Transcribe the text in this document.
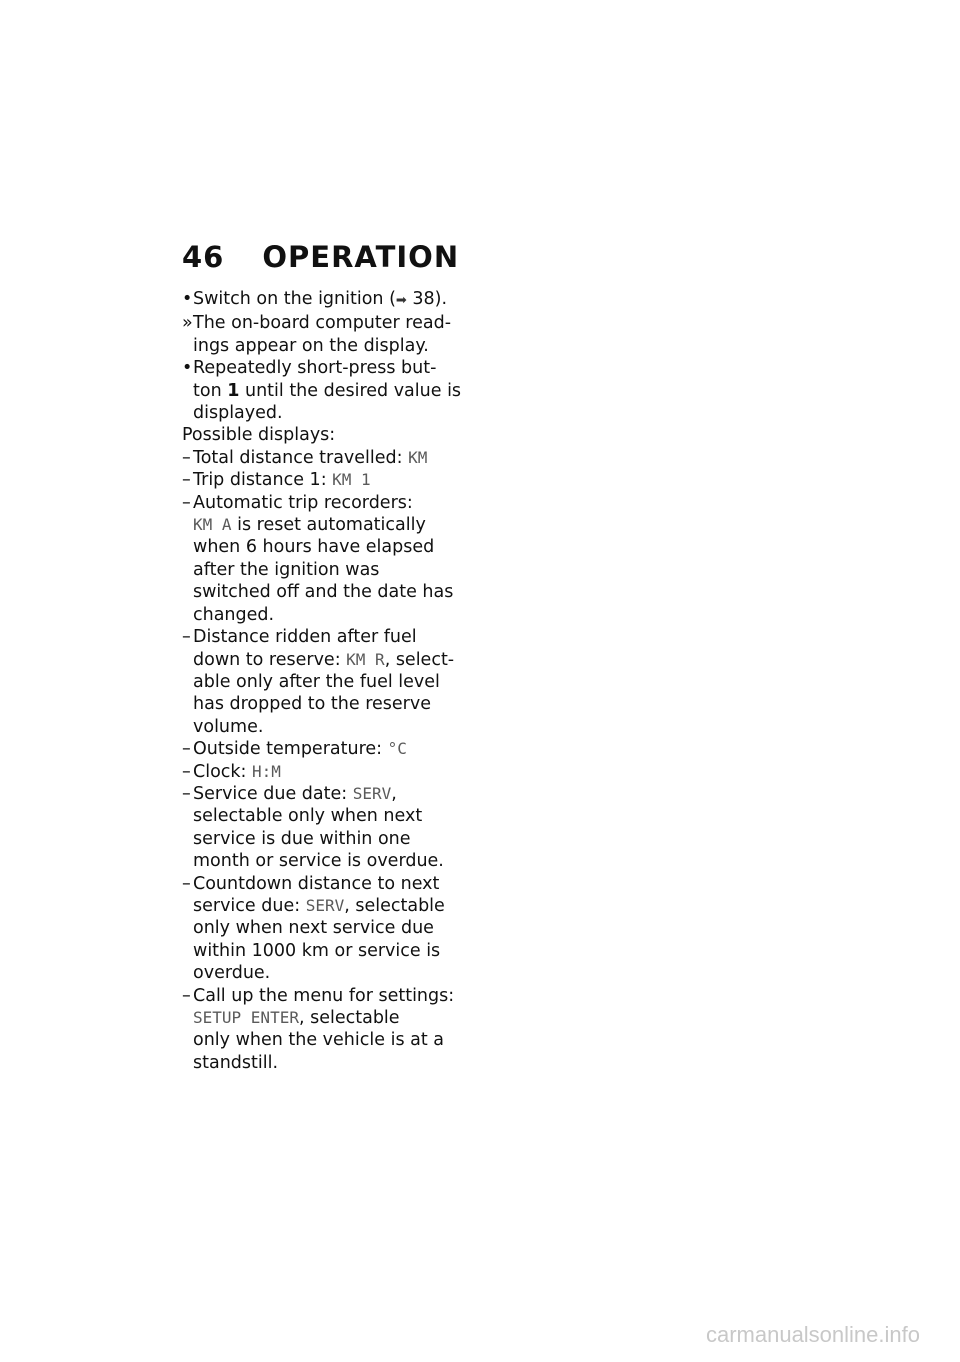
46 OPERATION
• Switch on the ignition (➡ 38).
» The on-board computer read-
ings appear on the display.
• Repeatedly short-press but-
ton 1 until the desired value is
displayed.
Possible displays:
– Total distance travelled: KM
– Trip distance 1: KM 1
– Automatic trip recorders:
KM A is reset automatically
when 6 hours have elapsed
after the ignition was
switched off and the date has
changed.
– Distance ridden after fuel
down to reserve: KM R, select-
able only after the fuel level
has dropped to the reserve
volume.
– Outside temperature: °C
– Clock: H:M
– Service due date: SERV,
selectable only when next
service is due within one
month or service is overdue.
– Countdown distance to next
service due: SERV, selectable
only when next service due
within 1000 km or service is
overdue.
– Call up the menu for settings:
SETUP ENTER, selectable
only when the vehicle is at a
standstill.
carmanualsonline.info
